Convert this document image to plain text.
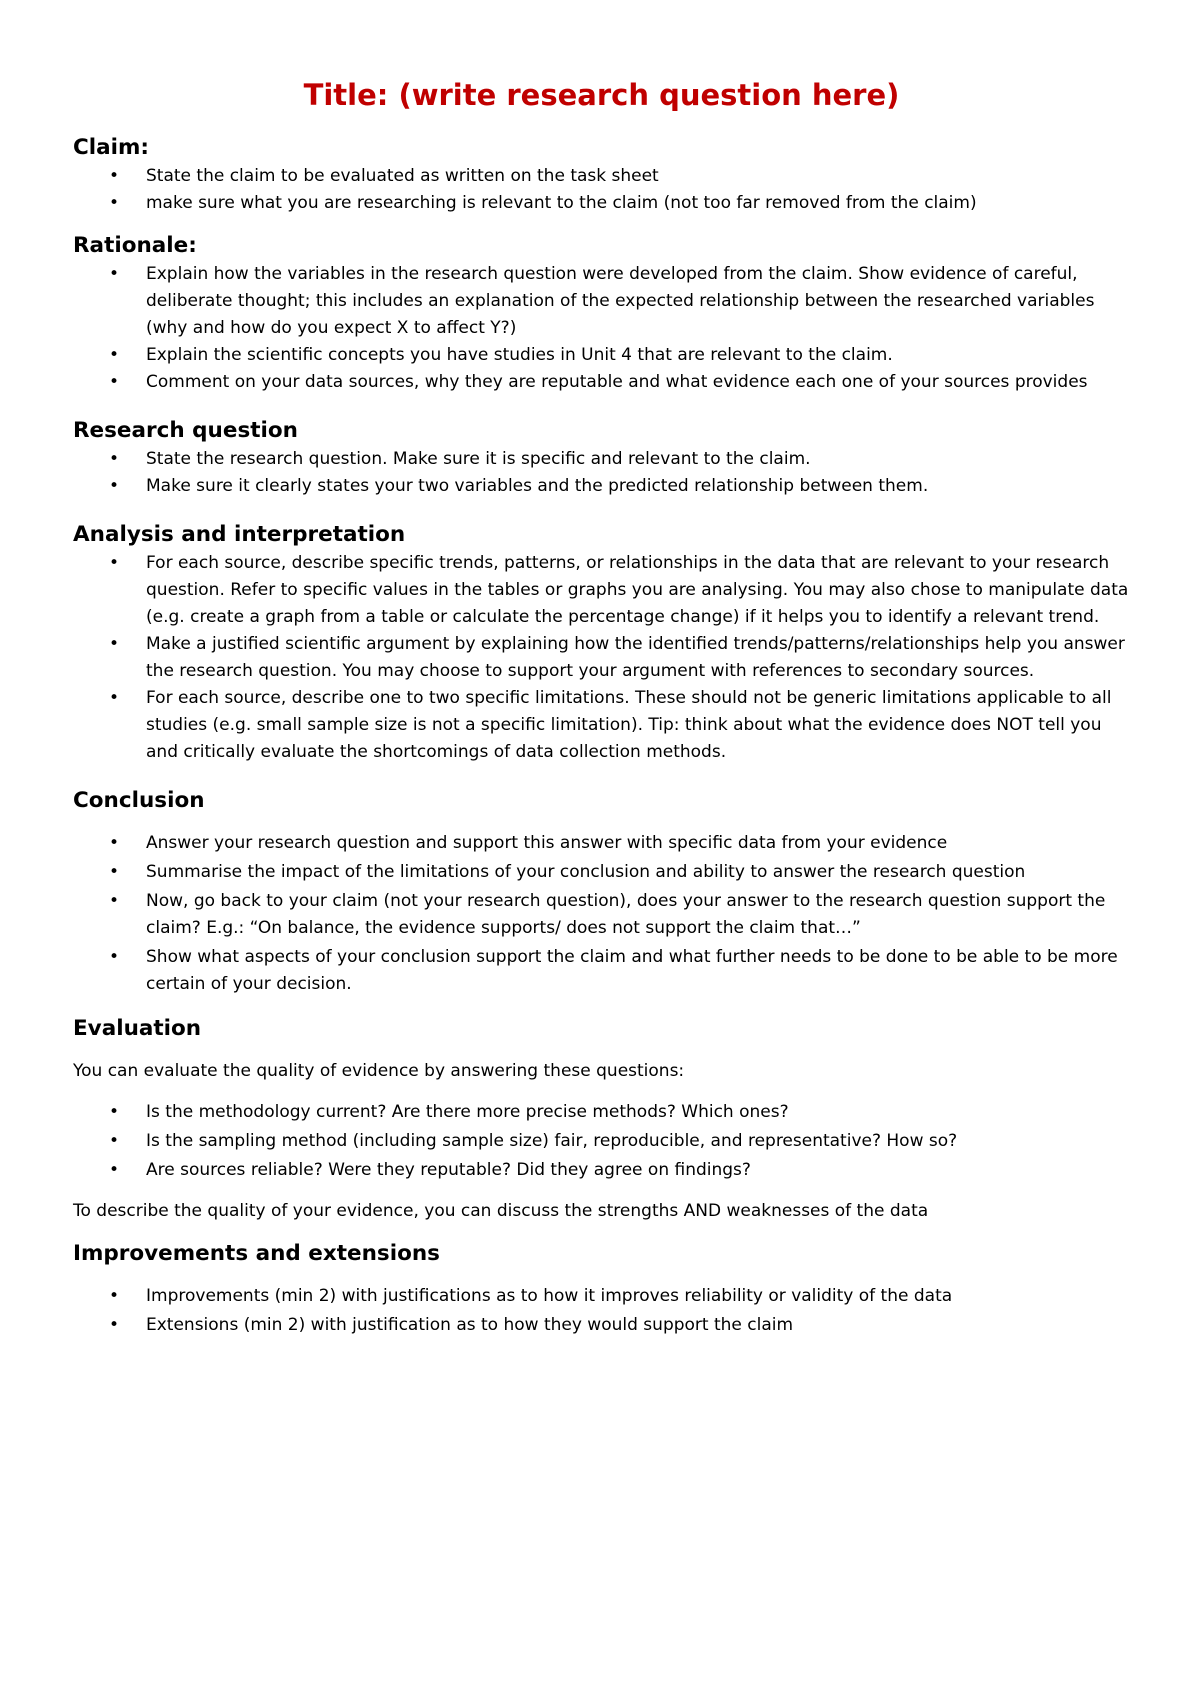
Title: (write research question here)
Claim:
• State the claim to be evaluated as written on the task sheet
• make sure what you are researching is relevant to the claim (not too far removed from the claim)
Rationale:
• Explain how the variables in the research question were developed from the claim. Show evidence of careful, deliberate thought; this includes an explanation of the expected relationship between the researched variables (why and how do you expect X to affect Y?)
• Explain the scientific concepts you have studies in Unit 4 that are relevant to the claim.
• Comment on your data sources, why they are reputable and what evidence each one of your sources provides
Research question
• State the research question. Make sure it is specific and relevant to the claim.
• Make sure it clearly states your two variables and the predicted relationship between them.
Analysis and interpretation
• For each source, describe specific trends, patterns, or relationships in the data that are relevant to your research question. Refer to specific values in the tables or graphs you are analysing. You may also chose to manipulate data (e.g. create a graph from a table or calculate the percentage change) if it helps you to identify a relevant trend.
• Make a justified scientific argument by explaining how the identified trends/patterns/relationships help you answer the research question. You may choose to support your argument with references to secondary sources.
• For each source, describe one to two specific limitations. These should not be generic limitations applicable to all studies (e.g. small sample size is not a specific limitation). Tip: think about what the evidence does NOT tell you and critically evaluate the shortcomings of data collection methods.
Conclusion
• Answer your research question and support this answer with specific data from your evidence
• Summarise the impact of the limitations of your conclusion and ability to answer the research question
• Now, go back to your claim (not your research question), does your answer to the research question support the claim? E.g.: “On balance, the evidence supports/ does not support the claim that…”
• Show what aspects of your conclusion support the claim and what further needs to be done to be able to be more certain of your decision.
Evaluation

You can evaluate the quality of evidence by answering these questions:

• Is the methodology current? Are there more precise methods? Which ones?
• Is the sampling method (including sample size) fair, reproducible, and representative? How so?
• Are sources reliable? Were they reputable? Did they agree on findings?

To describe the quality of your evidence, you can discuss the strengths AND weaknesses of the data

Improvements and extensions
• Improvements (min 2) with justifications as to how it improves reliability or validity of the data
• Extensions (min 2) with justification as to how they would support the claim
